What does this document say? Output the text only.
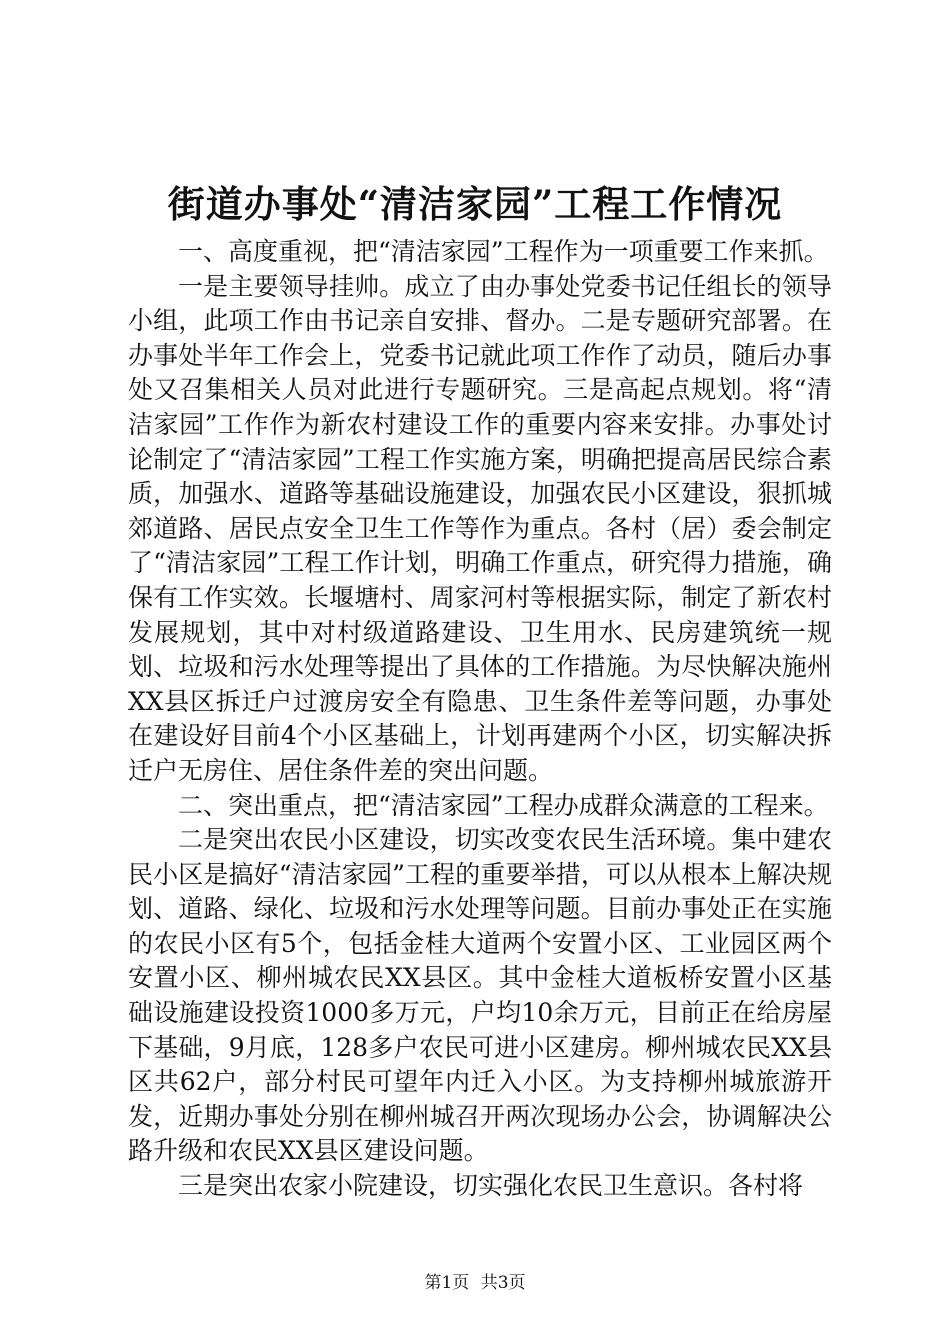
街道办事处“清洁家园”工程工作情况

一、高度重视，把“清洁家园”工程作为一项重要工作来抓。

一是主要领导挂帅。成立了由办事处党委书记任组长的领导小组，此项工作由书记亲自安排、督办。二是专题研究部署。在办事处半年工作会上，党委书记就此项工作作了动员，随后办事处又召集相关人员对此进行专题研究。三是高起点规划。将“清洁家园”工作作为新农村建设工作的重要内容来安排。办事处讨论制定了“清洁家园”工程工作实施方案，明确把提高居民综合素质，加强水、道路等基础设施建设，加强农民小区建设，狠抓城郊道路、居民点安全卫生工作等作为重点。各村（居）委会制定了“清洁家园”工程工作计划，明确工作重点，研究得力措施，确保有工作实效。长堰塘村、周家河村等根据实际，制定了新农村发展规划，其中对村级道路建设、卫生用水、民房建筑统一规划、垃圾和污水处理等提出了具体的工作措施。为尽快解决施州XX县区拆迁户过渡房安全有隐患、卫生条件差等问题，办事处在建设好目前4个小区基础上，计划再建两个小区，切实解决拆迁户无房住、居住条件差的突出问题。

二、突出重点，把“清洁家园”工程办成群众满意的工程来。

二是突出农民小区建设，切实改变农民生活环境。集中建农民小区是搞好“清洁家园”工程的重要举措，可以从根本上解决规划、道路、绿化、垃圾和污水处理等问题。目前办事处正在实施的农民小区有5个，包括金桂大道两个安置小区、工业园区两个安置小区、柳州城农民XX县区。其中金桂大道板桥安置小区基础设施建设投资1000多万元，户均10余万元，目前正在给房屋下基础，9月底，128多户农民可进小区建房。柳州城农民XX县区共62户，部分村民可望年内迁入小区。为支持柳州城旅游开发，近期办事处分别在柳州城召开两次现场办公会，协调解决公路升级和农民XX县区建设问题。

三是突出农家小院建设，切实强化农民卫生意识。各村将

第1页 共3页
